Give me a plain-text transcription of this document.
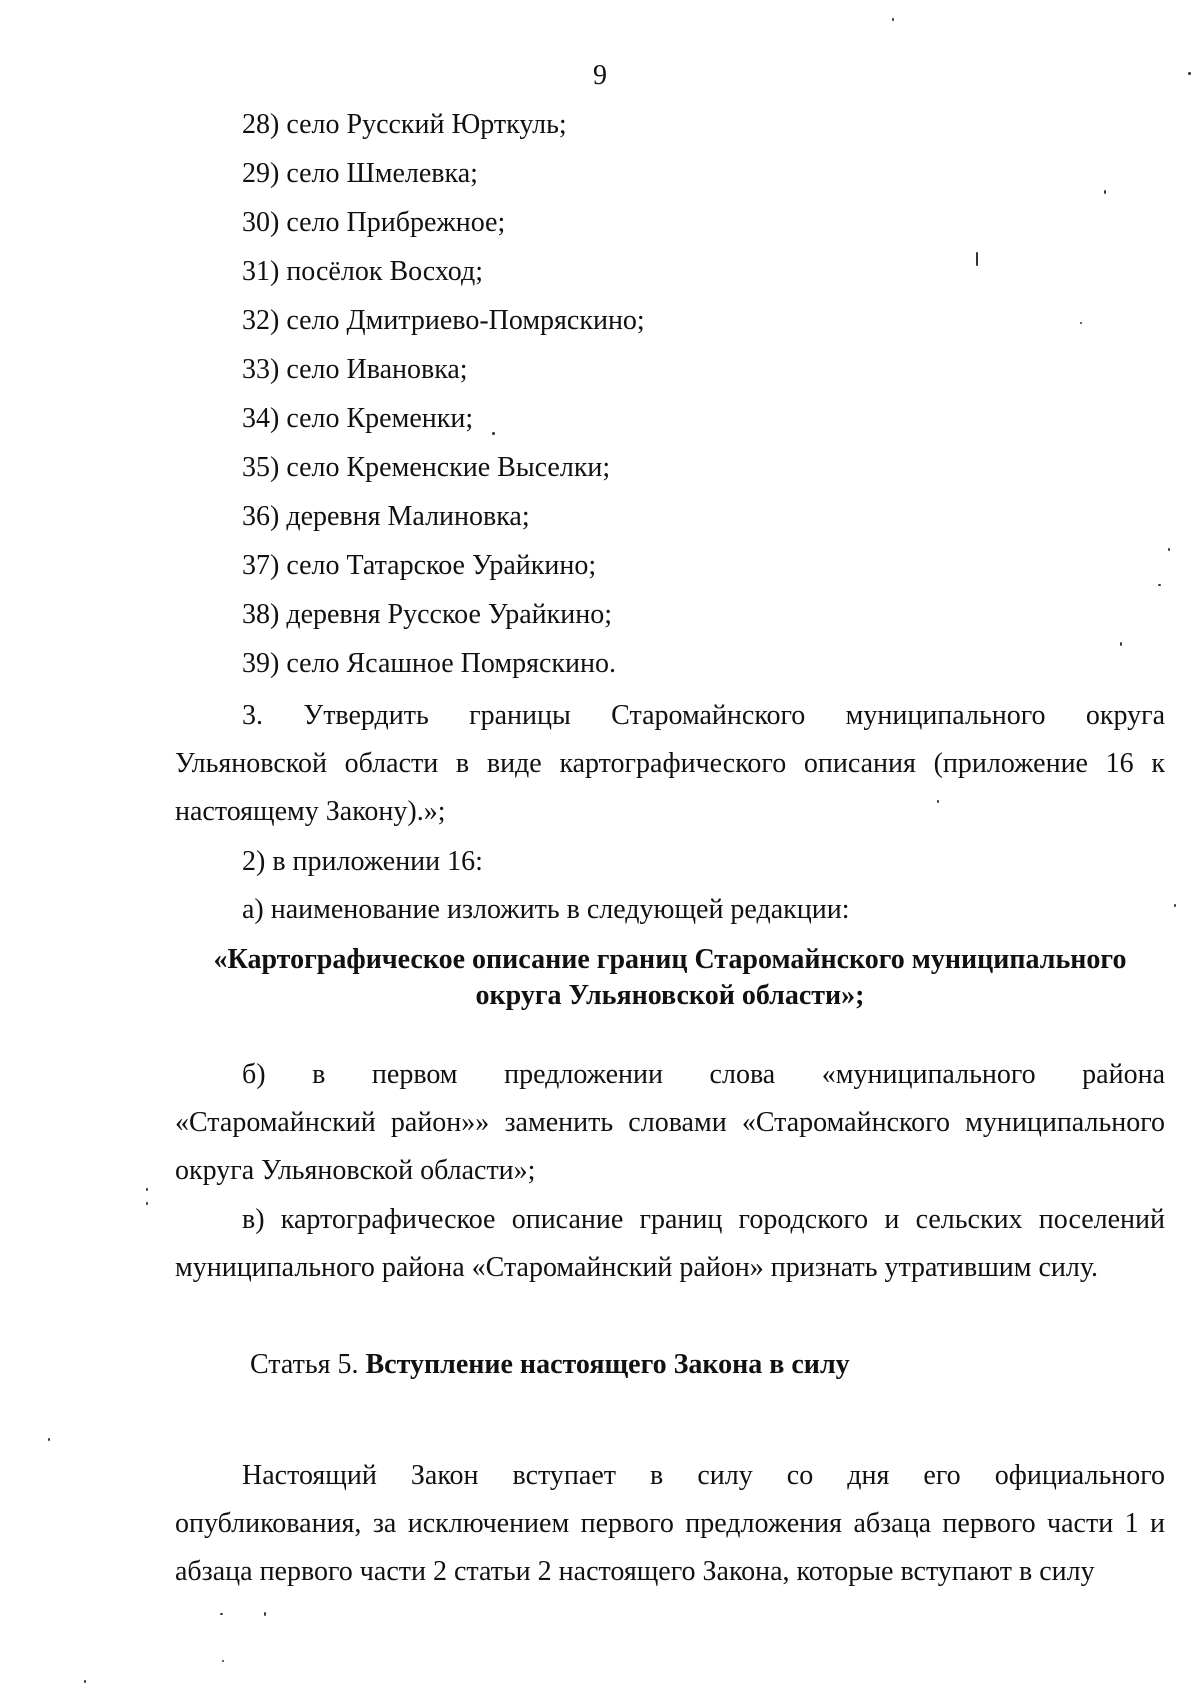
9
28) село Русский Юрткуль;
29) село Шмелевка;
30) село Прибрежное;
31) посёлок Восход;
32) село Дмитриево-Помряскино;
33) село Ивановка;
34) село Кременки;
35) село Кременские Выселки;
36) деревня Малиновка;
37) село Татарское Урайкино;
38) деревня Русское Урайкино;
39) село Ясашное Помряскино.
3. Утвердить границы Старомайнского муниципального округа
Ульяновской области в виде картографического описания (приложение 16 к настоящему Закону).»;
2) в приложении 16:
а) наименование изложить в следующей редакции:
«Картографическое описание границ Старомайнского муниципального
округа Ульяновской области»;
б) в первом предложении слова «муниципального района
«Старомайнский район»» заменить словами «Старомайнского муниципального округа Ульяновской области»;
в) картографическое описание границ городского и сельских поселений муниципального района «Старомайнский район» признать утратившим силу.
Статья 5. Вступление настоящего Закона в силу
Настоящий Закон вступает в силу со дня его официального
опубликования, за исключением первого предложения абзаца первого части 1 и абзаца первого части 2 статьи 2 настоящего Закона, которые вступают в силу
